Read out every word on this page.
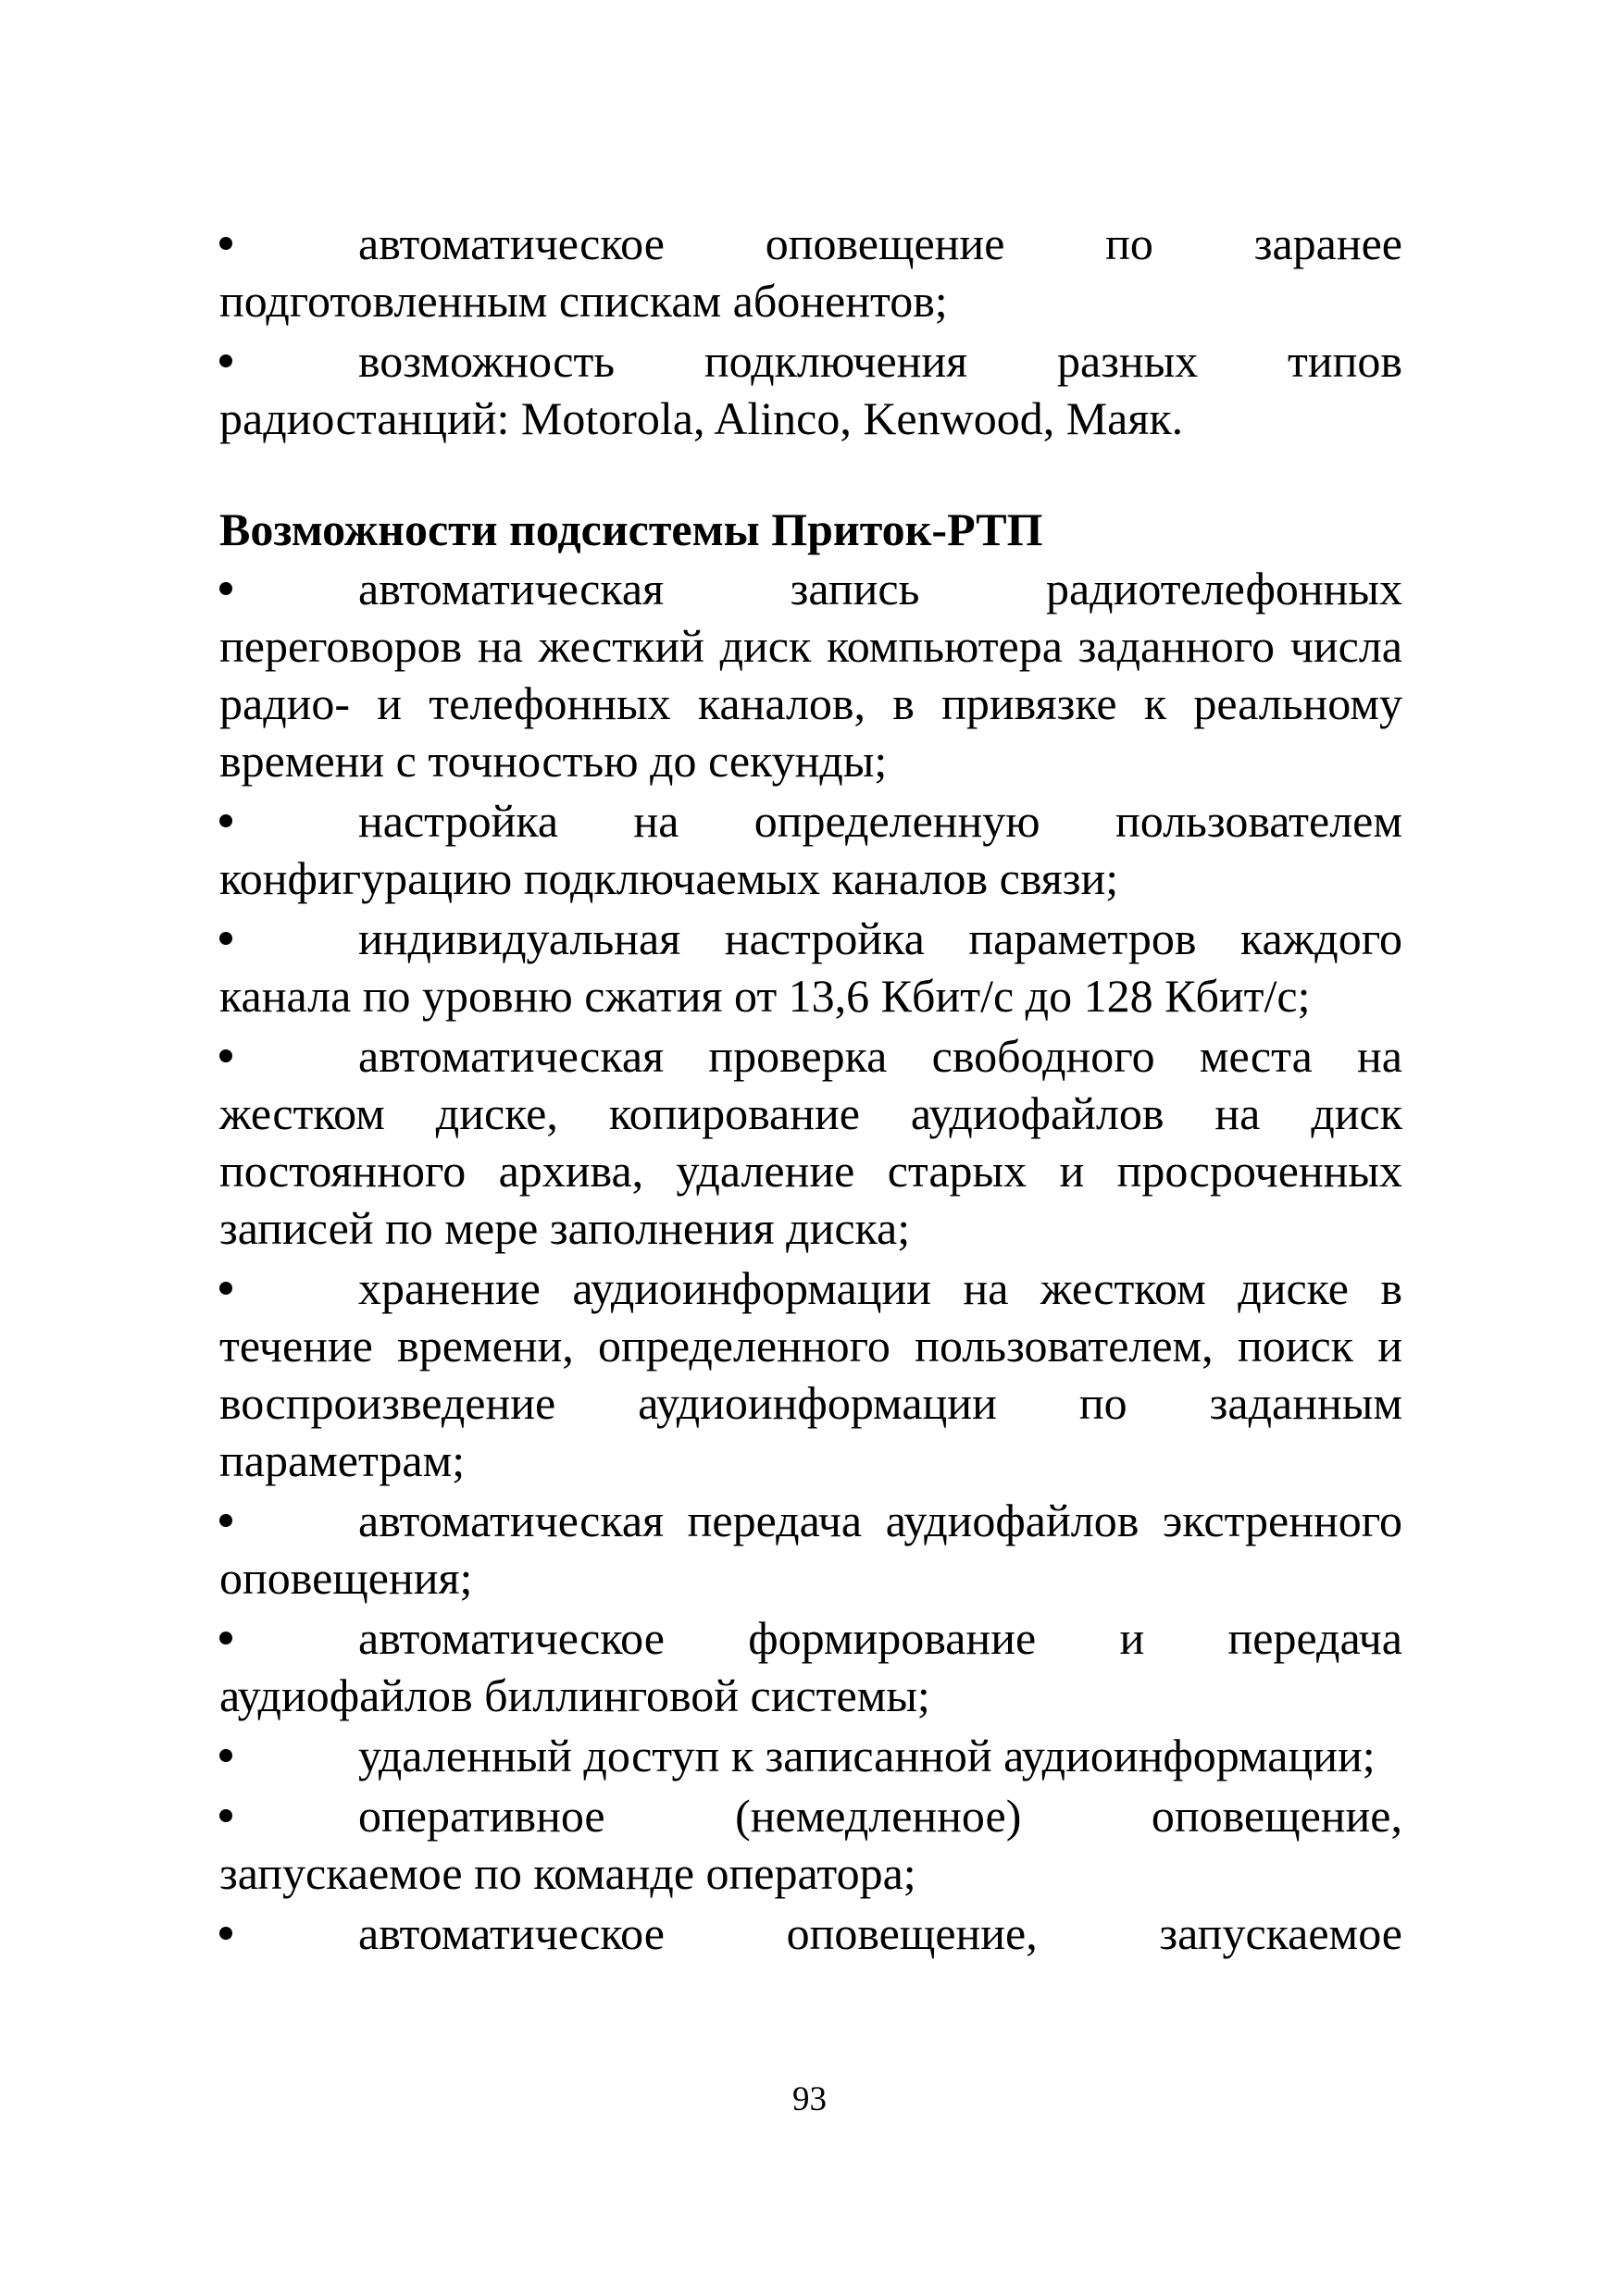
автоматическое оповещение по заранее подготовленным спискам абонентов;
возможность подключения разных типов радиостанций: Motorola, Alinco, Kenwood, Маяк.
Возможности подсистемы Приток-РТП
автоматическая запись радиотелефонных переговоров на жесткий диск компьютера заданного числа радио- и телефонных каналов, в привязке к реальному времени с точностью до секунды;
настройка на определенную пользователем конфигурацию подключаемых каналов связи;
индивидуальная настройка параметров каждого канала по уровню сжатия от 13,6 Кбит/с до 128 Кбит/с;
автоматическая проверка свободного места на жестком диске, копирование аудиофайлов на диск постоянного архива, удаление старых и просроченных записей по мере заполнения диска;
хранение аудиоинформации на жестком диске в течение времени, определенного пользователем, поиск и воспроизведение аудиоинформации по заданным параметрам;
автоматическая передача аудиофайлов экстренного оповещения;
автоматическое формирование и передача аудиофайлов биллинговой системы;
удаленный доступ к записанной аудиоинформации;
оперативное (немедленное) оповещение, запускаемое по команде оператора;
автоматическое оповещение, запускаемое
93
